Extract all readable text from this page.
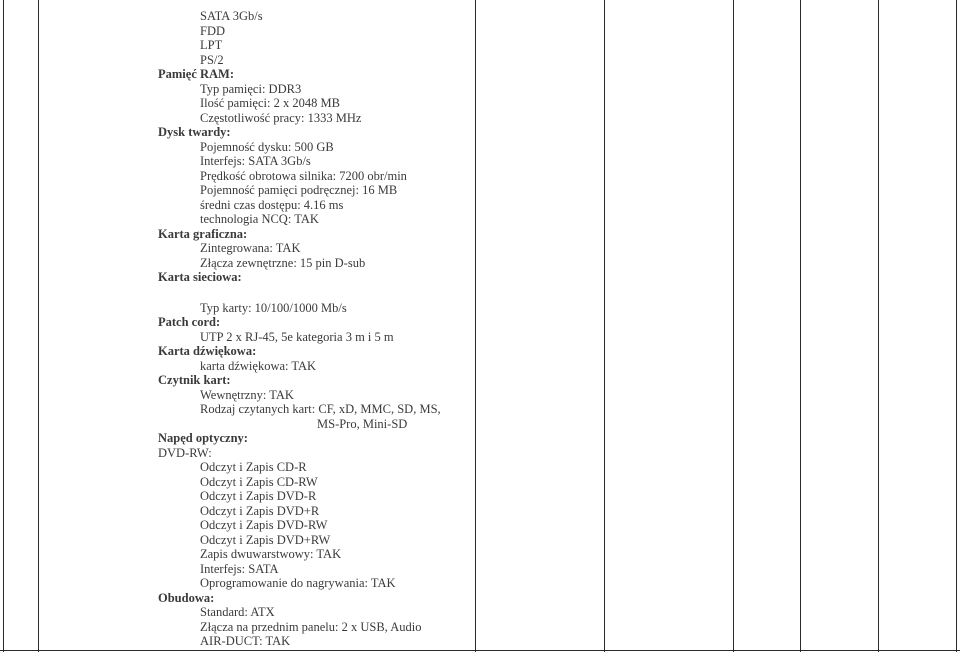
SATA 3Gb/s
FDD
LPT
PS/2
Pamięć RAM:
Typ pamięci: DDR3
Ilość pamięci: 2 x 2048 MB
Częstotliwość pracy: 1333 MHz
Dysk twardy:
Pojemność dysku: 500 GB
Interfejs: SATA 3Gb/s
Prędkość obrotowa silnika: 7200 obr/min
Pojemność pamięci podręcznej: 16 MB
średni czas dostępu: 4.16 ms
technologia NCQ: TAK
Karta graficzna:
Zintegrowana: TAK
Złącza zewnętrzne: 15 pin D-sub
Karta sieciowa:
Typ karty: 10/100/1000 Mb/s
Patch cord:
UTP 2 x RJ-45, 5e kategoria 3 m i 5 m
Karta dźwiękowa:
karta dźwiękowa: TAK
Czytnik kart:
Wewnętrzny: TAK
Rodzaj czytanych kart: CF, xD, MMC, SD, MS,
MS-Pro, Mini-SD
Napęd optyczny:
DVD-RW:
Odczyt i Zapis CD-R
Odczyt i Zapis CD-RW
Odczyt i Zapis DVD-R
Odczyt i Zapis DVD+R
Odczyt i Zapis DVD-RW
Odczyt i Zapis DVD+RW
Zapis dwuwarstwowy: TAK
Interfejs: SATA
Oprogramowanie do nagrywania: TAK
Obudowa:
Standard: ATX
Złącza na przednim panelu: 2 x USB, Audio
AIR-DUCT: TAK
